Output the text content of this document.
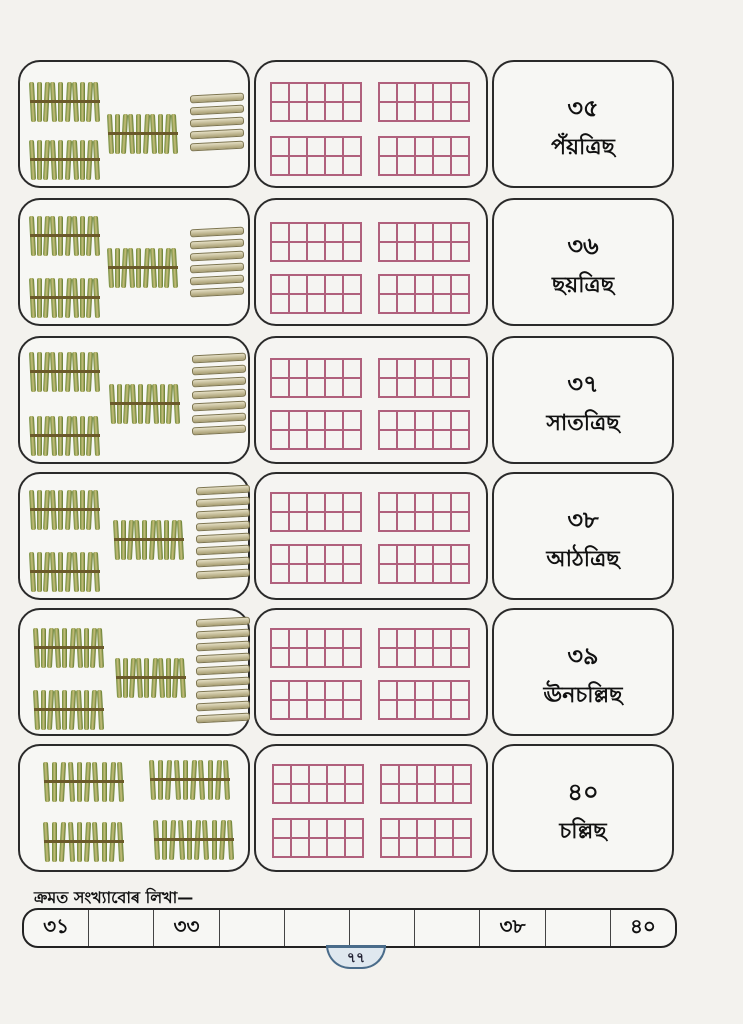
৩৫
পঁয়ত্রিছ
৩৬
ছয়ত্রিছ
৩৭
সাতত্রিছ
৩৮
আঠত্রিছ
৩৯
ঊনচল্লিছ
৪০
চল্লিছ
ক্ৰমত সংখ্যাবোৰ লিখা—
৩১	৩৩	৩৮	৪০
৭৭
